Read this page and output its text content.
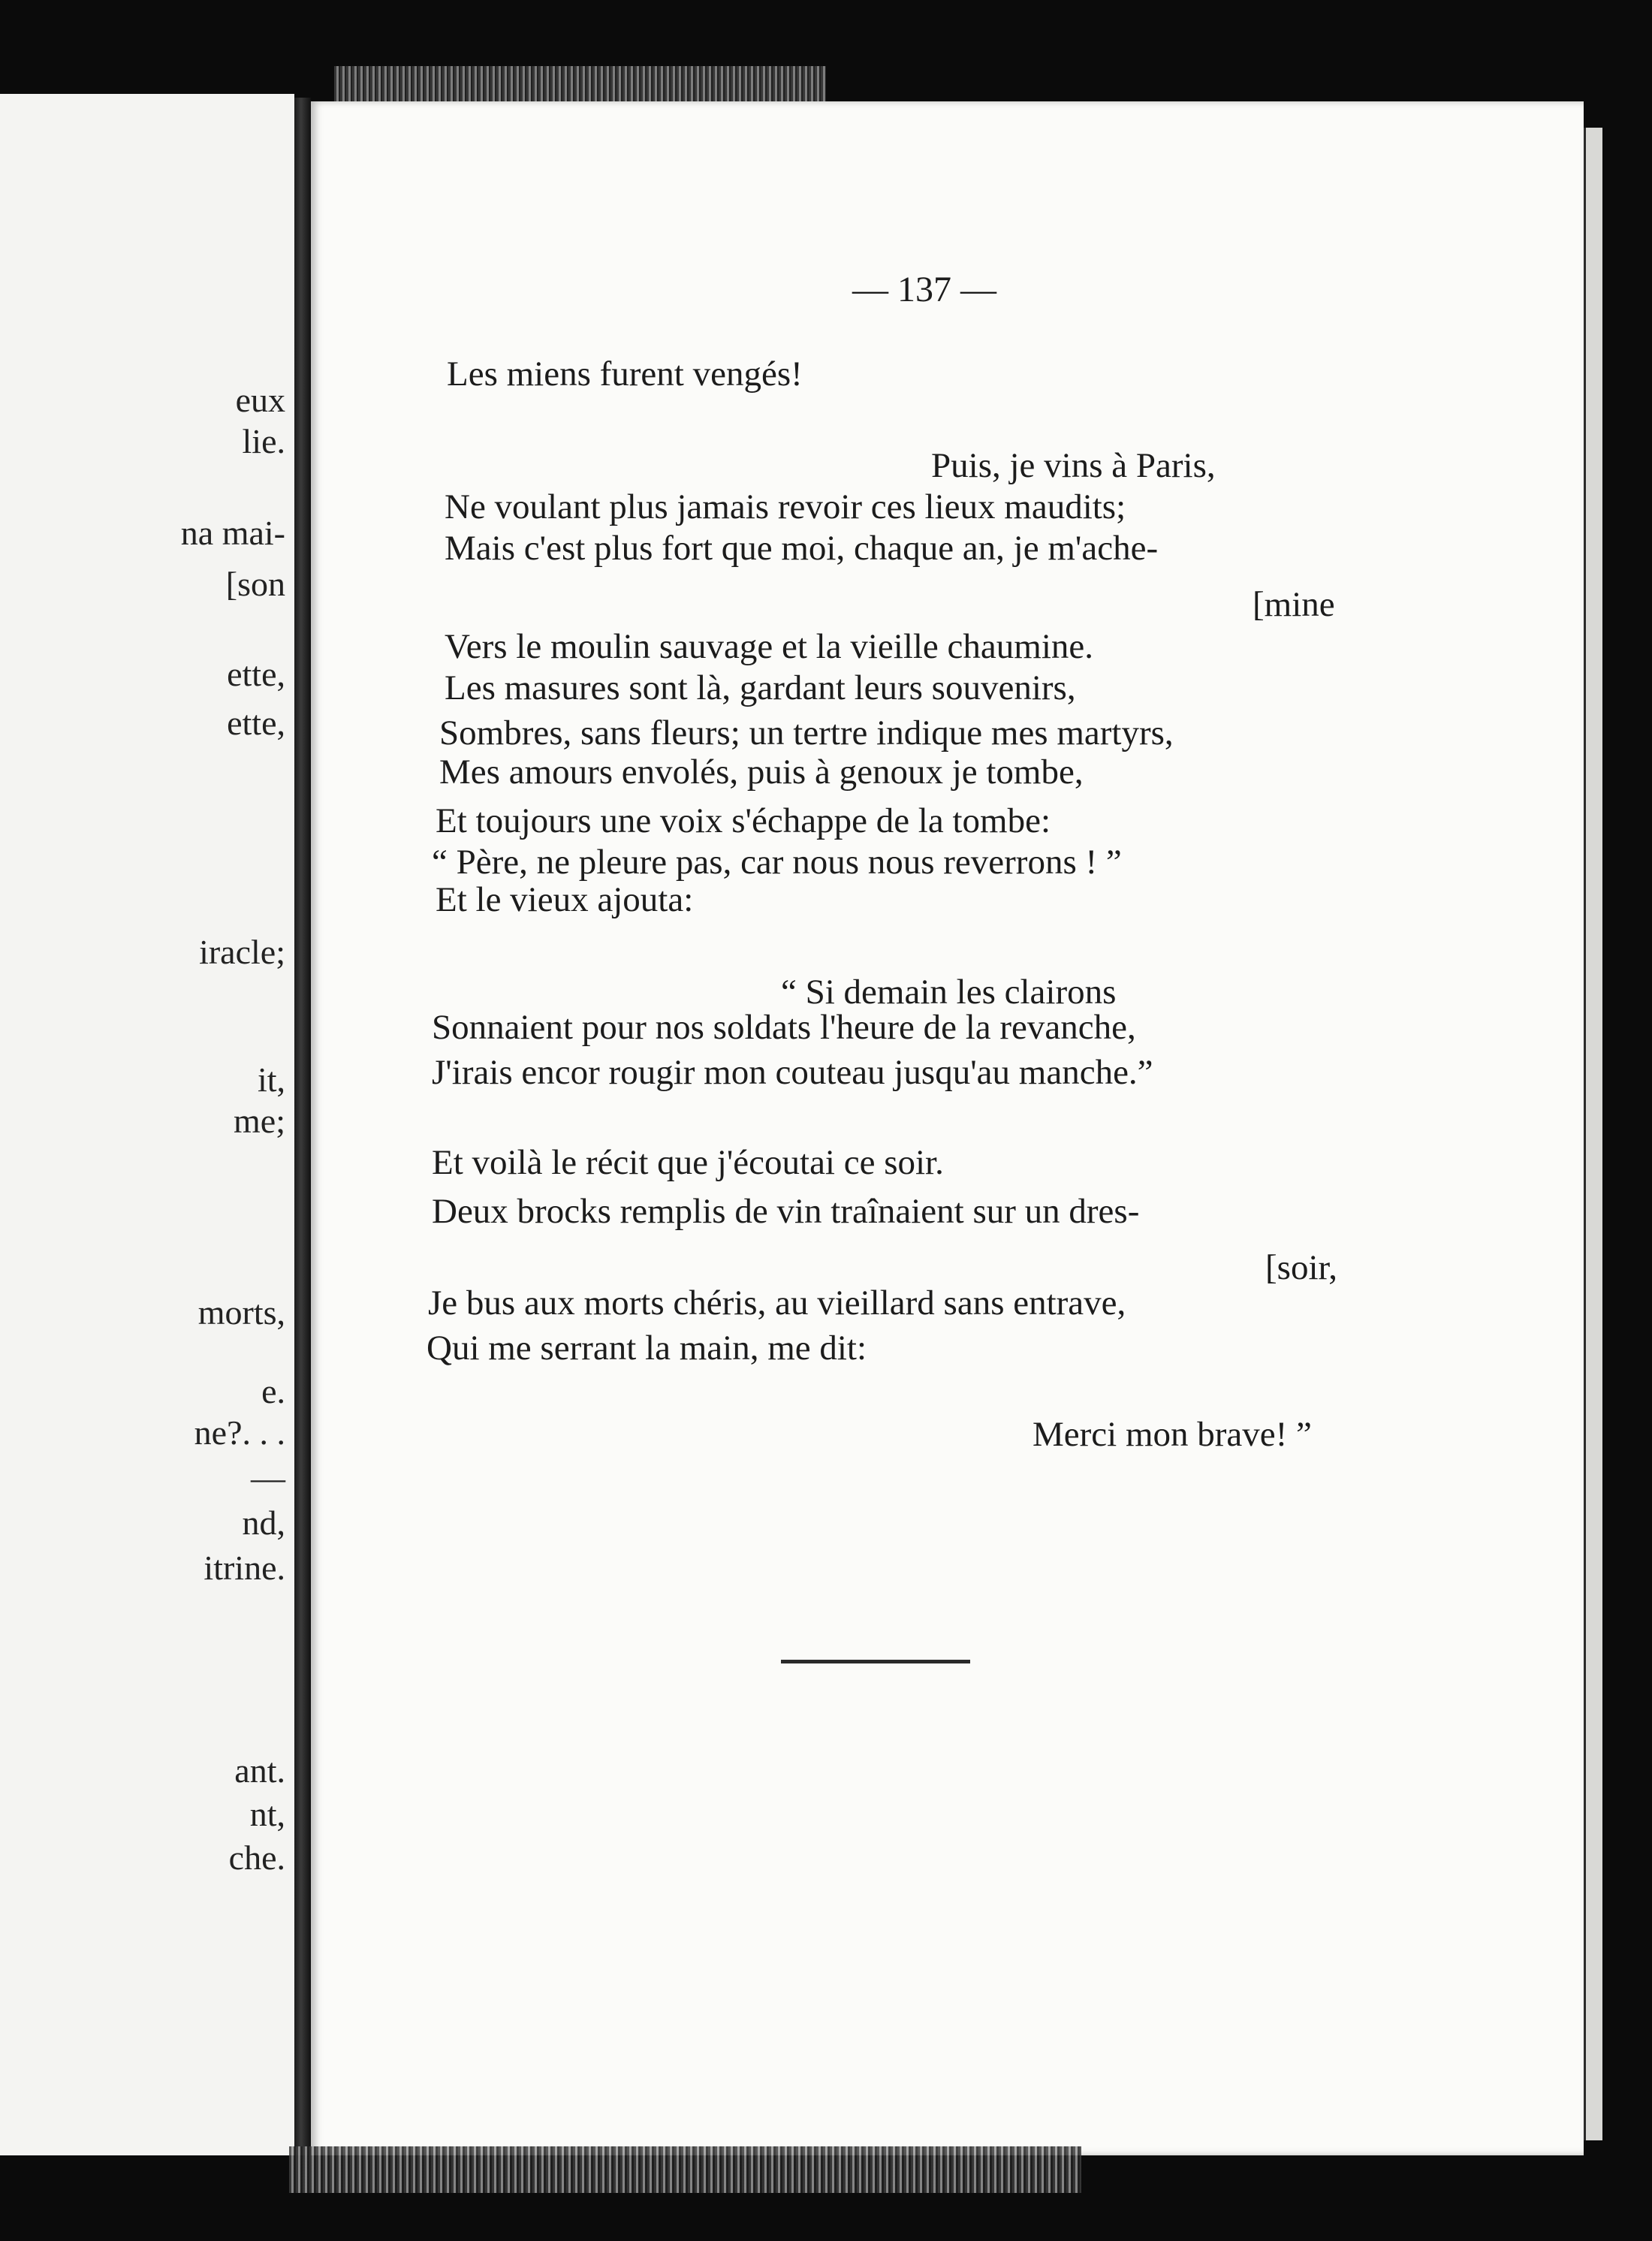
eux
lie.
na mai-
[son
ette,
ette,
iracle;
it,
me;
morts,
e.
ne?. . .
—
nd,
itrine.
ant.
nt,
che.
— 137 —
Les miens furent vengés!
Puis, je vins à Paris,
Ne voulant plus jamais revoir ces lieux maudits;
Mais c'est plus fort que moi, chaque an, je m'ache-
[mine
Vers le moulin sauvage et la vieille chaumine.
Les masures sont là, gardant leurs souvenirs,
Sombres, sans fleurs; un tertre indique mes martyrs,
Mes amours envolés, puis à genoux je tombe,
Et toujours une voix s'échappe de la tombe:
“ Père, ne pleure pas, car nous nous reverrons ! ”
Et le vieux ajouta:
“ Si demain les clairons
Sonnaient pour nos soldats l'heure de la revanche,
J'irais encor rougir mon couteau jusqu'au manche.”
Et voilà le récit que j'écoutai ce soir.
Deux brocks remplis de vin traînaient sur un dres-
[soir,
Je bus aux morts chéris, au vieillard sans entrave,
Qui me serrant la main, me dit:
Merci mon brave! ”
